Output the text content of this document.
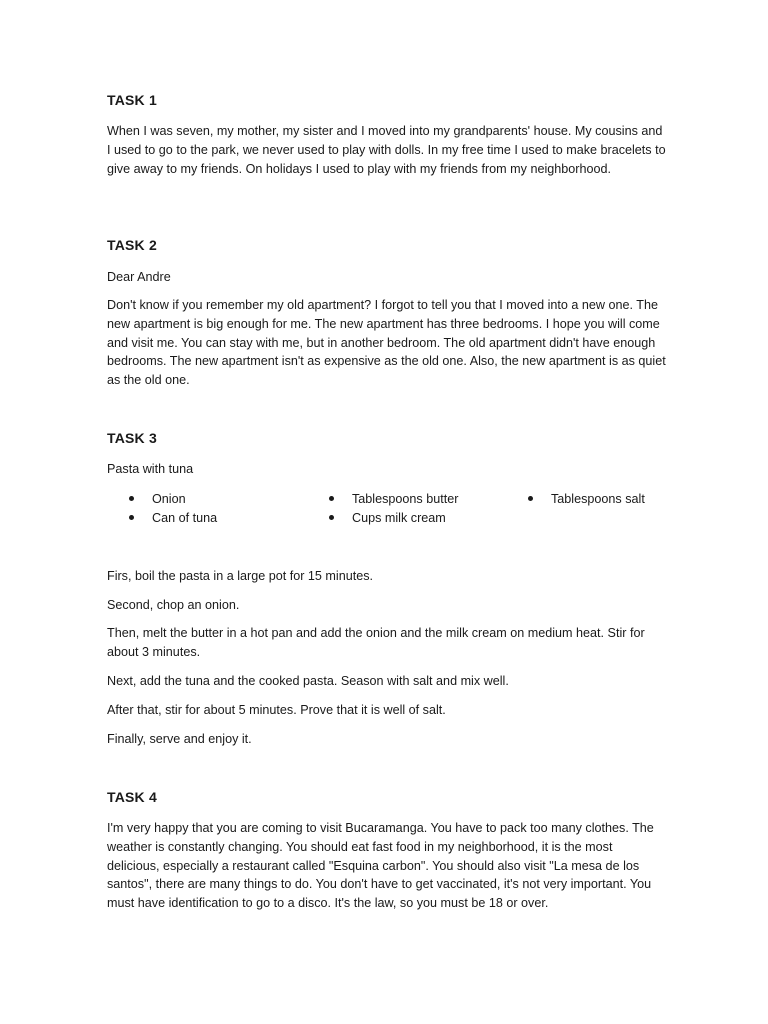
TASK 1

When I was seven, my mother, my sister and I moved into my grandparents' house. My cousins and I used to go to the park, we never used to play with dolls. In my free time I used to make bracelets to give away to my friends. On holidays I used to play with my friends from my neighborhood.

TASK 2

Dear Andre

Don't know if you remember my old apartment? I forgot to tell you that I moved into a new one. The new apartment is big enough for me. The new apartment has three bedrooms. I hope you will come and visit me. You can stay with me, but in another bedroom. The old apartment didn't have enough bedrooms. The new apartment isn't as expensive as the old one. Also, the new apartment is as quiet as the old one.

TASK 3

Pasta with tuna

Onion
Can of tuna
Tablespoons butter
Cups milk cream
Tablespoons salt

Firs, boil the pasta in a large pot for 15 minutes.

Second, chop an onion.

Then, melt the butter in a hot pan and add the onion and the milk cream on medium heat. Stir for about 3 minutes.

Next, add the tuna and the cooked pasta. Season with salt and mix well.

After that, stir for about 5 minutes. Prove that it is well of salt.

Finally, serve and enjoy it.

TASK 4

I'm very happy that you are coming to visit Bucaramanga. You have to pack too many clothes. The weather is constantly changing. You should eat fast food in my neighborhood, it is the most delicious, especially a restaurant called "Esquina carbon". You should also visit "La mesa de los santos", there are many things to do. You don't have to get vaccinated, it's not very important. You must have identification to go to a disco. It's the law, so you must be 18 or over.
